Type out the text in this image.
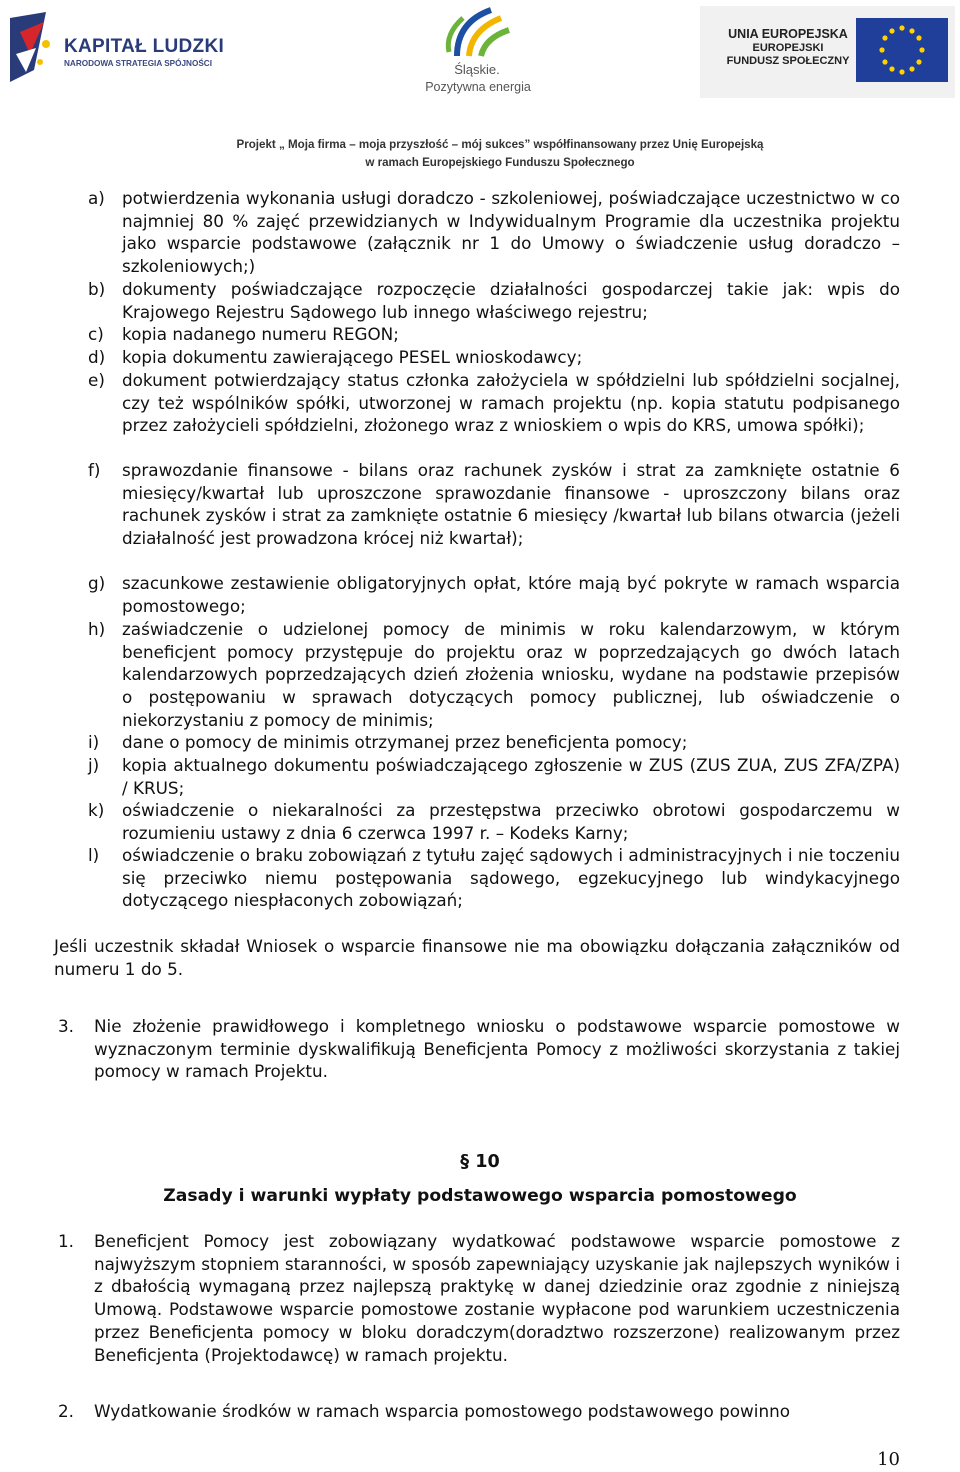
KAPITAŁ LUDZKI
NARODOWA STRATEGIA SPÓJNOŚCI	Śląskie.
Pozytywna energia
UNIA EUROPEJSKA
EUROPEJSKI
FUNDUSZ SPOŁECZNY
Projekt „ Moja firma – moja przyszłość – mój sukces” współfinansowany przez Unię Europejską
w ramach Europejskiego Funduszu Społecznego
a)	potwierdzenia wykonania usługi doradczo - szkoleniowej, poświadczające uczestnictwo w co najmniej 80 % zajęć przewidzianych w Indywidualnym Programie dla uczestnika projektu jako wsparcie podstawowe (załącznik nr 1 do Umowy o świadczenie usług doradczo – szkoleniowych;)
b) dokumenty poświadczające rozpoczęcie działalności gospodarczej takie jak: wpis do Krajowego Rejestru Sądowego lub innego właściwego rejestru;
c)	kopia nadanego numeru REGON;
d) kopia dokumentu zawierającego PESEL wnioskodawcy;
e)	dokument potwierdzający status członka założyciela w spółdzielni lub spółdzielni socjalnej, czy też wspólników spółki, utworzonej w ramach projektu (np. kopia statutu podpisanego przez założycieli spółdzielni, złożonego wraz z wnioskiem o wpis do KRS, umowa spółki);
f)	sprawozdanie finansowe - bilans oraz rachunek zysków i strat za zamknięte ostatnie 6 miesięcy/kwartał lub uproszczone sprawozdanie finansowe - uproszczony bilans oraz rachunek zysków i strat za zamknięte ostatnie 6 miesięcy /kwartał lub bilans otwarcia (jeżeli działalność jest prowadzona krócej niż kwartał);
g) szacunkowe zestawienie obligatoryjnych opłat, które mają być pokryte w ramach wsparcia pomostowego;
h)	zaświadczenie o udzielonej pomocy de minimis w roku kalendarzowym, w którym beneficjent pomocy przystępuje do projektu oraz w poprzedzających go dwóch latach kalendarzowych poprzedzających dzień złożenia wniosku, wydane na podstawie przepisów o postępowaniu w sprawach dotyczących pomocy publicznej, lub oświadczenie o niekorzystaniu z pomocy de minimis;
i)	dane o pomocy de minimis otrzymanej przez beneficjenta pomocy;
j)	kopia aktualnego dokumentu poświadczającego zgłoszenie w ZUS (ZUS ZUA, ZUS ZFA/ZPA) / KRUS;
k)	oświadczenie o niekaralności za przestępstwa przeciwko obrotowi gospodarczemu w rozumieniu ustawy z dnia 6 czerwca 1997 r. – Kodeks Karny;
l)	oświadczenie o braku zobowiązań z tytułu zajęć sądowych i administracyjnych i nie toczeniu się przeciwko niemu postępowania sądowego, egzekucyjnego lub windykacyjnego dotyczącego niespłaconych zobowiązań;
Jeśli uczestnik składał Wniosek o wsparcie finansowe nie ma obowiązku dołączania załączników od numeru 1 do 5.
3.	Nie złożenie prawidłowego i kompletnego wniosku o podstawowe wsparcie pomostowe w wyznaczonym terminie dyskwalifikują Beneficjenta Pomocy z możliwości skorzystania z takiej pomocy w ramach Projektu.
§ 10
Zasady i warunki wypłaty podstawowego wsparcia pomostowego
1.	Beneficjent Pomocy jest zobowiązany wydatkować podstawowe wsparcie pomostowe z najwyższym stopniem staranności, w sposób zapewniający uzyskanie jak najlepszych wyników i z dbałością wymaganą przez najlepszą praktykę w danej dziedzinie oraz zgodnie z niniejszą Umową. Podstawowe wsparcie pomostowe zostanie wypłacone pod warunkiem uczestniczenia przez Beneficjenta pomocy w bloku doradczym(doradztwo rozszerzone) realizowanym przez Beneficjenta (Projektodawcę) w ramach projektu.
2.	Wydatkowanie środków w ramach wsparcia pomostowego podstawowego powinno
10
